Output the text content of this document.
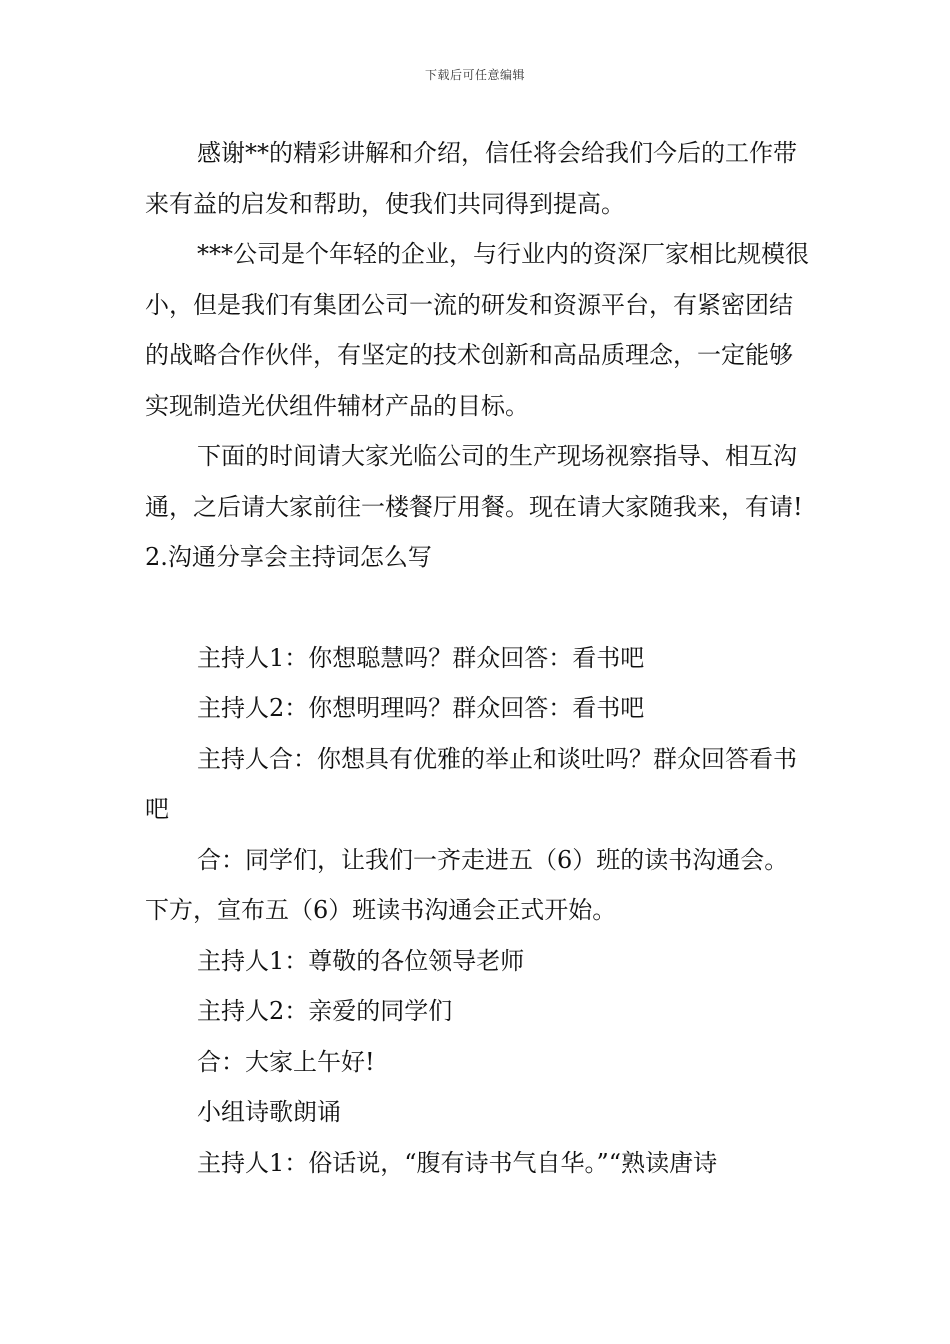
下载后可任意编辑

感谢**的精彩讲解和介绍，信任将会给我们今后的工作带来有益的启发和帮助，使我们共同得到提高。

***公司是个年轻的企业，与行业内的资深厂家相比规模很小，但是我们有集团公司一流的研发和资源平台，有紧密团结的战略合作伙伴，有坚定的技术创新和高品质理念，一定能够实现制造光伏组件辅材产品的目标。

下面的时间请大家光临公司的生产现场视察指导、相互沟通，之后请大家前往一楼餐厅用餐。现在请大家随我来，有请!

2.沟通分享会主持词怎么写

主持人1：你想聪慧吗？群众回答：看书吧

主持人2：你想明理吗？群众回答：看书吧

主持人合：你想具有优雅的举止和谈吐吗？群众回答看书吧

合：同学们，让我们一齐走进五（6）班的读书沟通会。下方，宣布五（6）班读书沟通会正式开始。

主持人1：尊敬的各位领导老师

主持人2：亲爱的同学们

合：大家上午好!

小组诗歌朗诵

主持人1：俗话说，“腹有诗书气自华。”“熟读唐诗
